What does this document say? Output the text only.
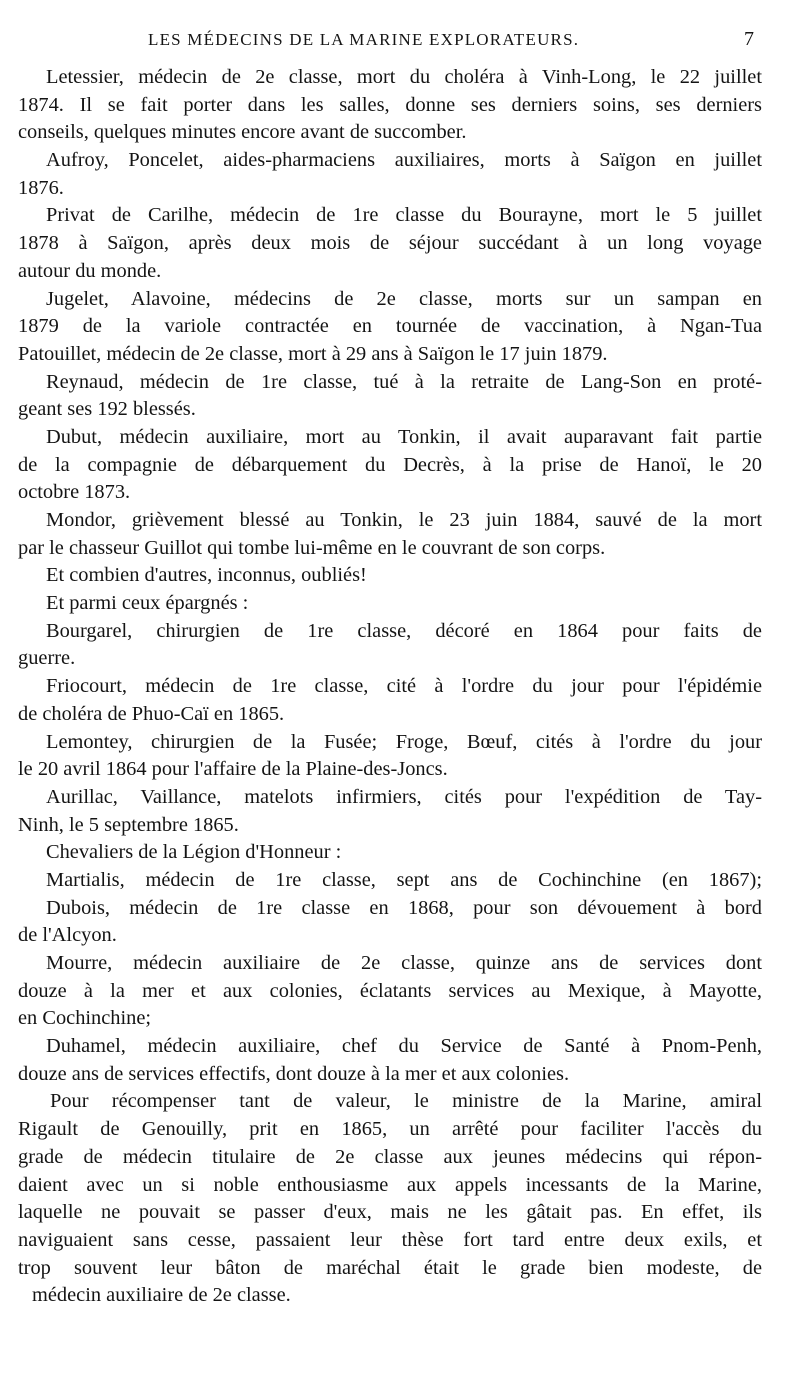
LES MÉDECINS DE LA MARINE EXPLORATEURS.	7
Letessier, médecin de 2e classe, mort du choléra à Vinh-Long, le 22 juillet
1874. Il se fait porter dans les salles, donne ses derniers soins, ses derniers
conseils, quelques minutes encore avant de succomber.
Aufroy, Poncelet, aides-pharmaciens auxiliaires, morts à Saïgon en juillet
1876.
Privat de Carilhe, médecin de 1re classe du Bourayne, mort le 5 juillet
1878 à Saïgon, après deux mois de séjour succédant à un long voyage
autour du monde.
Jugelet, Alavoine, médecins de 2e classe, morts sur un sampan en
1879 de la variole contractée en tournée de vaccination, à Ngan-Tua
Patouillet, médecin de 2e classe, mort à 29 ans à Saïgon le 17 juin 1879.
Reynaud, médecin de 1re classe, tué à la retraite de Lang-Son en proté-
geant ses 192 blessés.
Dubut, médecin auxiliaire, mort au Tonkin, il avait auparavant fait partie
de la compagnie de débarquement du Decrès, à la prise de Hanoï, le 20
octobre 1873.
Mondor, grièvement blessé au Tonkin, le 23 juin 1884, sauvé de la mort
par le chasseur Guillot qui tombe lui-même en le couvrant de son corps.
Et combien d'autres, inconnus, oubliés!
Et parmi ceux épargnés :
Bourgarel, chirurgien de 1re classe, décoré en 1864 pour faits de
guerre.
Friocourt, médecin de 1re classe, cité à l'ordre du jour pour l'épidémie
de choléra de Phuo-Caï en 1865.
Lemontey, chirurgien de la Fusée; Froge, Bœuf, cités à l'ordre du jour
le 20 avril 1864 pour l'affaire de la Plaine-des-Joncs.
Aurillac, Vaillance, matelots infirmiers, cités pour l'expédition de Tay-
Ninh, le 5 septembre 1865.
Chevaliers de la Légion d'Honneur :
Martialis, médecin de 1re classe, sept ans de Cochinchine (en 1867);
Dubois, médecin de 1re classe en 1868, pour son dévouement à bord
de l'Alcyon.
Mourre, médecin auxiliaire de 2e classe, quinze ans de services dont
douze à la mer et aux colonies, éclatants services au Mexique, à Mayotte,
en Cochinchine;
Duhamel, médecin auxiliaire, chef du Service de Santé à Pnom-Penh,
douze ans de services effectifs, dont douze à la mer et aux colonies.
Pour récompenser tant de valeur, le ministre de la Marine, amiral
Rigault de Genouilly, prit en 1865, un arrêté pour faciliter l'accès du
grade de médecin titulaire de 2e classe aux jeunes médecins qui répon-
daient avec un si noble enthousiasme aux appels incessants de la Marine,
laquelle ne pouvait se passer d'eux, mais ne les gâtait pas. En effet, ils
naviguaient sans cesse, passaient leur thèse fort tard entre deux exils, et
trop souvent leur bâton de maréchal était le grade bien modeste, de
médecin auxiliaire de 2e classe.
